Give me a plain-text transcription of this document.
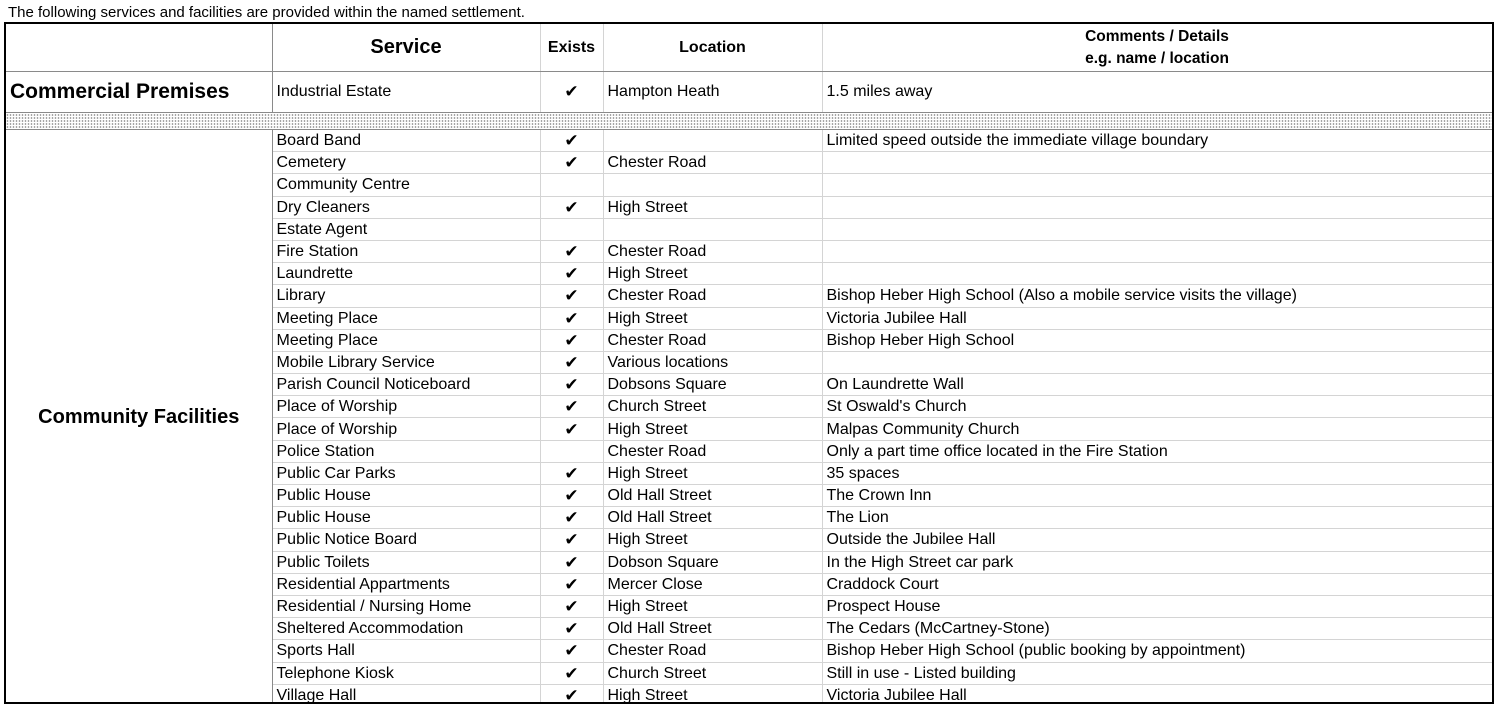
The following services and facilities are provided within the named settlement.
	Service	Exists	Location	Comments / Details
e.g. name / location

Commercial Premises	Industrial Estate	✔	Hampton Heath	1.5 miles away

Community Facilities	Board Band	✔		Limited speed outside the immediate village boundary
	Cemetery	✔	Chester Road	
	Community Centre			
	Dry Cleaners	✔	High Street	
	Estate Agent			
	Fire Station	✔	Chester Road	
	Laundrette	✔	High Street	
	Library	✔	Chester Road	Bishop Heber High School (Also a mobile service visits the village)
	Meeting Place	✔	High Street	Victoria Jubilee Hall
	Meeting Place	✔	Chester Road	Bishop Heber High School
	Mobile Library Service	✔	Various locations	
	Parish Council Noticeboard	✔	Dobsons Square	On Laundrette Wall
	Place of Worship	✔	Church Street	St Oswald's Church
	Place of Worship	✔	High Street	Malpas Community Church
	Police Station		Chester Road	Only a part time office located in the Fire Station
	Public Car Parks	✔	High Street	35 spaces
	Public House	✔	Old Hall Street	The Crown Inn
	Public House	✔	Old Hall Street	The Lion
	Public Notice Board	✔	High Street	Outside the Jubilee Hall
	Public Toilets	✔	Dobson Square	In the High Street car park
	Residential Appartments	✔	Mercer Close	Craddock Court
	Residential / Nursing Home	✔	High Street	Prospect House
	Sheltered Accommodation	✔	Old Hall Street	The Cedars (McCartney-Stone)
	Sports Hall	✔	Chester Road	Bishop Heber High School (public booking by appointment)
	Telephone Kiosk	✔	Church Street	Still in use - Listed building
	Village Hall	✔	High Street	Victoria Jubilee Hall
